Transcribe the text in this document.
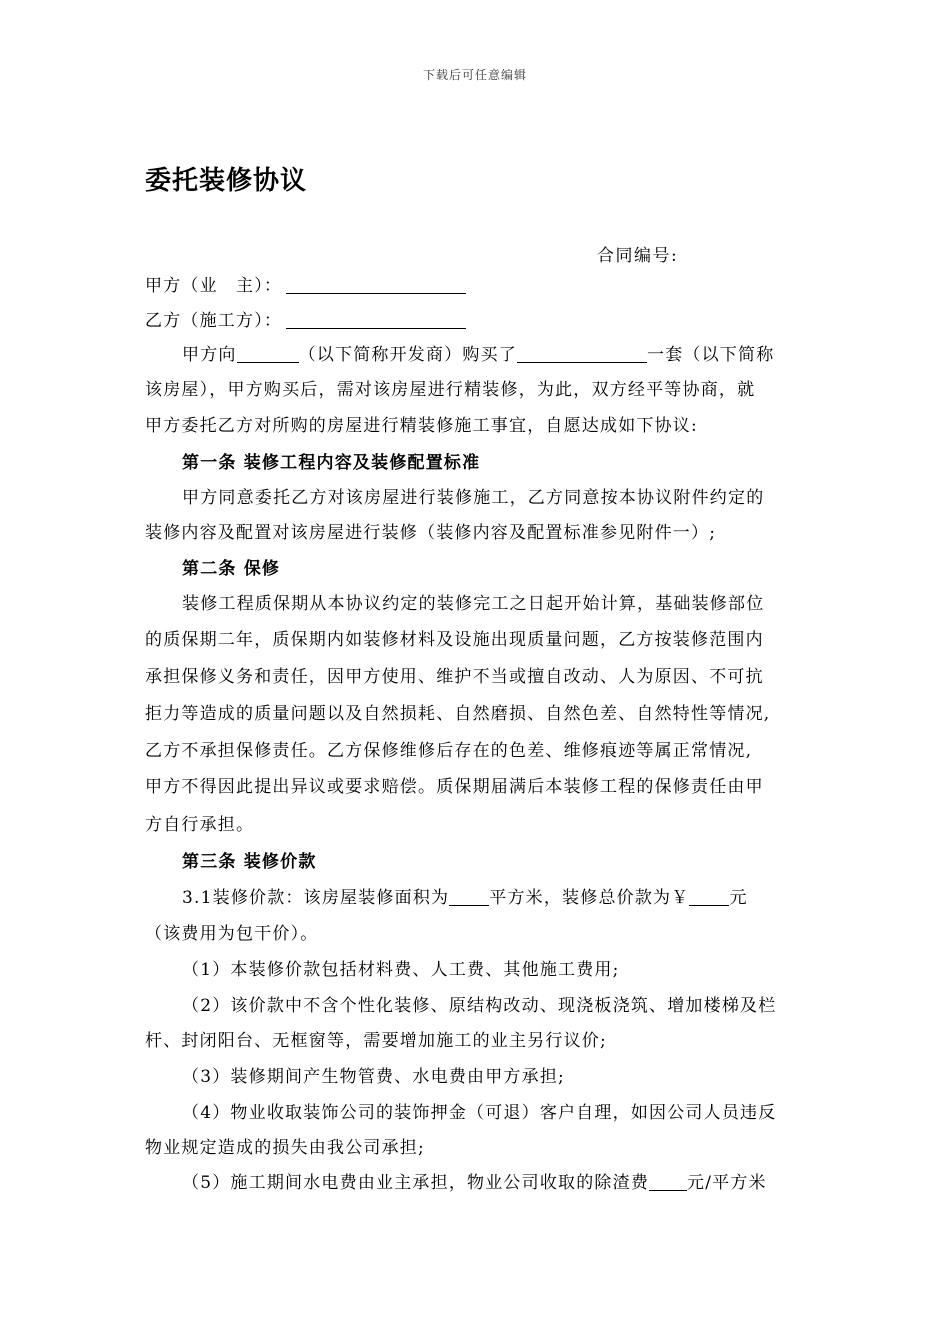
下载后可任意编辑
委托装修协议
合同编号:
甲方（业　主）：
乙方（施工方）：
甲方向	（以下简称开发商）购买了	一套（以下简称
该房屋），甲方购买后，需对该房屋进行精装修，为此，双方经平等协商，就
甲方委托乙方对所购的房屋进行精装修施工事宜，自愿达成如下协议:
第一条 装修工程内容及装修配置标准
甲方同意委托乙方对该房屋进行装修施工，乙方同意按本协议附件约定的
装修内容及配置对该房屋进行装修（装修内容及配置标准参见附件一）;
第二条 保修
装修工程质保期从本协议约定的装修完工之日起开始计算，基础装修部位
的质保期二年，质保期内如装修材料及设施出现质量问题，乙方按装修范围内
承担保修义务和责任，因甲方使用、维护不当或擅自改动、人为原因、不可抗
拒力等造成的质量问题以及自然损耗、自然磨损、自然色差、自然特性等情况,
乙方不承担保修责任。乙方保修维修后存在的色差、维修痕迹等属正常情况,
甲方不得因此提出异议或要求赔偿。质保期届满后本装修工程的保修责任由甲
方自行承担。
第三条 装修价款
3.1装修价款：该房屋装修面积为 平方米，装修总价款为￥ 元
（该费用为包干价）。
（1）本装修价款包括材料费、人工费、其他施工费用;
（2）该价款中不含个性化装修、原结构改动、现浇板浇筑、增加楼梯及栏
杆、封闭阳台、无框窗等，需要增加施工的业主另行议价;
（3）装修期间产生物管费、水电费由甲方承担;
（4）物业收取装饰公司的装饰押金（可退）客户自理，如因公司人员违反
物业规定造成的损失由我公司承担;
（5）施工期间水电费由业主承担，物业公司收取的除渣费 元/平方米
